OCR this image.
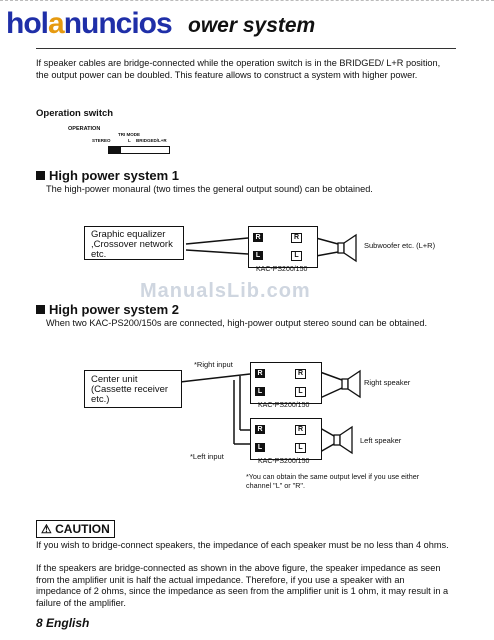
holanuncios ower system
If speaker cables are bridge-connected while the operation switch is in the BRIDGED/ L+R position, the output power can be doubled. This feature allows to construct a system with higher power.
Operation switch
OPERATION
TRI MODE
STEREO	L BRIDGED/L+R
High power system 1
The high-power monaural (two times the general output sound) can be obtained.
Graphic equalizer ,Crossover network etc.
R
L
R
L
KAC-PS200/150
Subwoofer etc. (L+R)
ManualsLib.com
High power system 2
When two KAC-PS200/150s are connected, high-power output stereo sound can be obtained.
*Right input
Center unit (Cassette receiver etc.)
R
L
R
L
KAC-PS200/150
Right speaker
R
L
R
L
*Left input
KAC-PS200/150
Left speaker
*You can obtain the same output level if you use either channel "L" or "R".
⚠ CAUTION
If you wish to bridge-connect speakers, the impedance of each speaker must be no less than 4 ohms.
If the speakers are bridge-connected as shown in the above figure, the speaker impedance as seen from the amplifier unit is half the actual impedance. Therefore, if you use a speaker with an impedance of 2 ohms, since the impedance as seen from the amplifier unit is 1 ohm, it may result in a failure of the amplifier.
8 English
